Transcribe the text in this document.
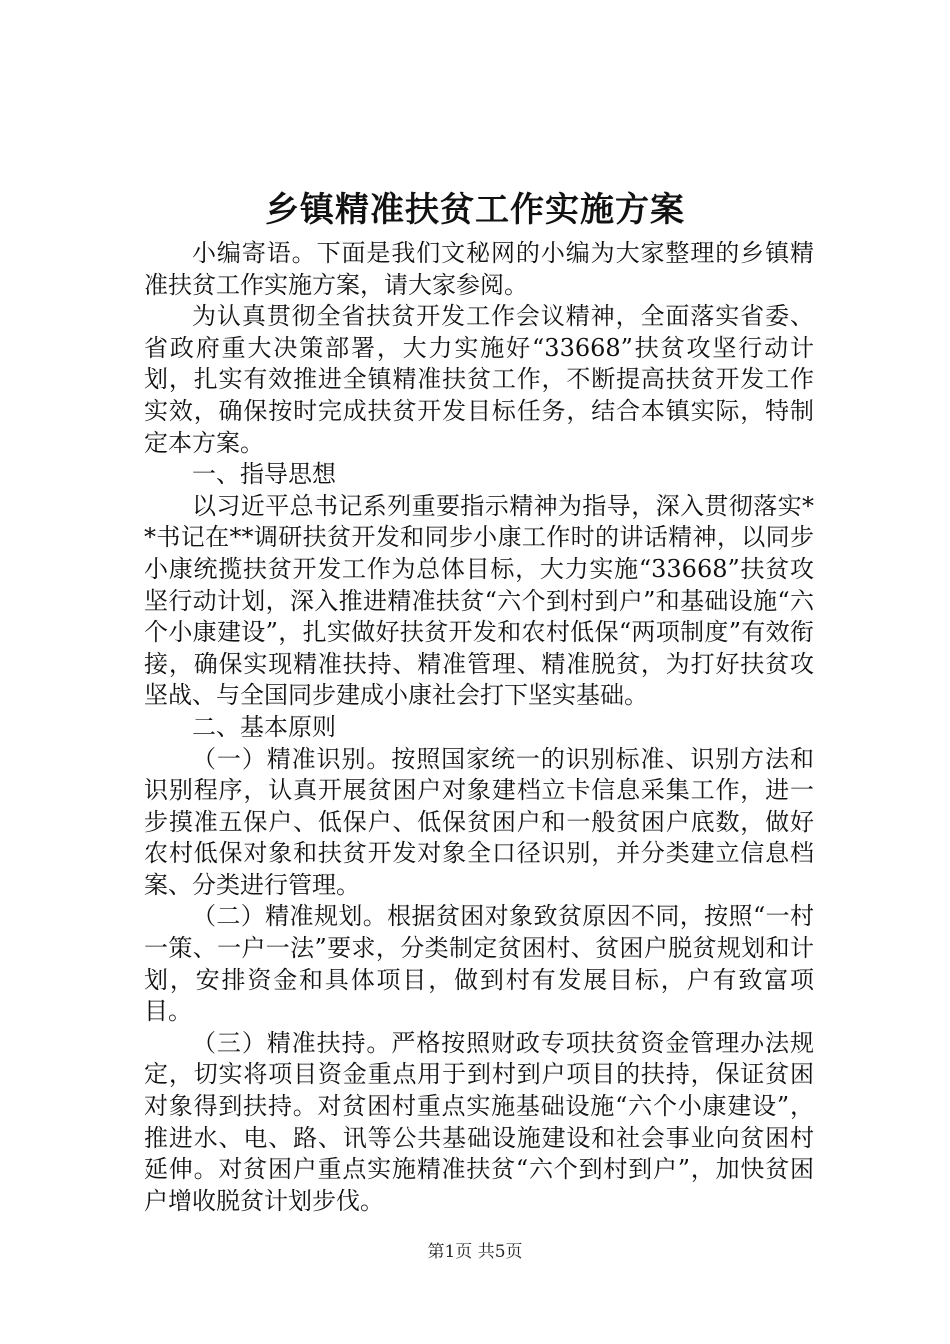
乡镇精准扶贫工作实施方案

小编寄语。下面是我们文秘网的小编为大家整理的乡镇精准扶贫工作实施方案，请大家参阅。

为认真贯彻全省扶贫开发工作会议精神，全面落实省委、省政府重大决策部署，大力实施好“33668”扶贫攻坚行动计划，扎实有效推进全镇精准扶贫工作，不断提高扶贫开发工作实效，确保按时完成扶贫开发目标任务，结合本镇实际，特制定本方案。

一、指导思想

以习近平总书记系列重要指示精神为指导，深入贯彻落实**书记在**调研扶贫开发和同步小康工作时的讲话精神，以同步小康统揽扶贫开发工作为总体目标，大力实施“33668”扶贫攻坚行动计划，深入推进精准扶贫“六个到村到户”和基础设施“六个小康建设”，扎实做好扶贫开发和农村低保“两项制度”有效衔接，确保实现精准扶持、精准管理、精准脱贫，为打好扶贫攻坚战、与全国同步建成小康社会打下坚实基础。

二、基本原则

（一）精准识别。按照国家统一的识别标准、识别方法和识别程序，认真开展贫困户对象建档立卡信息采集工作，进一步摸准五保户、低保户、低保贫困户和一般贫困户底数，做好农村低保对象和扶贫开发对象全口径识别，并分类建立信息档案、分类进行管理。

（二）精准规划。根据贫困对象致贫原因不同，按照“一村一策、一户一法”要求，分类制定贫困村、贫困户脱贫规划和计划，安排资金和具体项目，做到村有发展目标，户有致富项目。

（三）精准扶持。严格按照财政专项扶贫资金管理办法规定，切实将项目资金重点用于到村到户项目的扶持，保证贫困对象得到扶持。对贫困村重点实施基础设施“六个小康建设”，推进水、电、路、讯等公共基础设施建设和社会事业向贫困村延伸。对贫困户重点实施精准扶贫“六个到村到户”，加快贫困户增收脱贫计划步伐。

第1页 共5页
